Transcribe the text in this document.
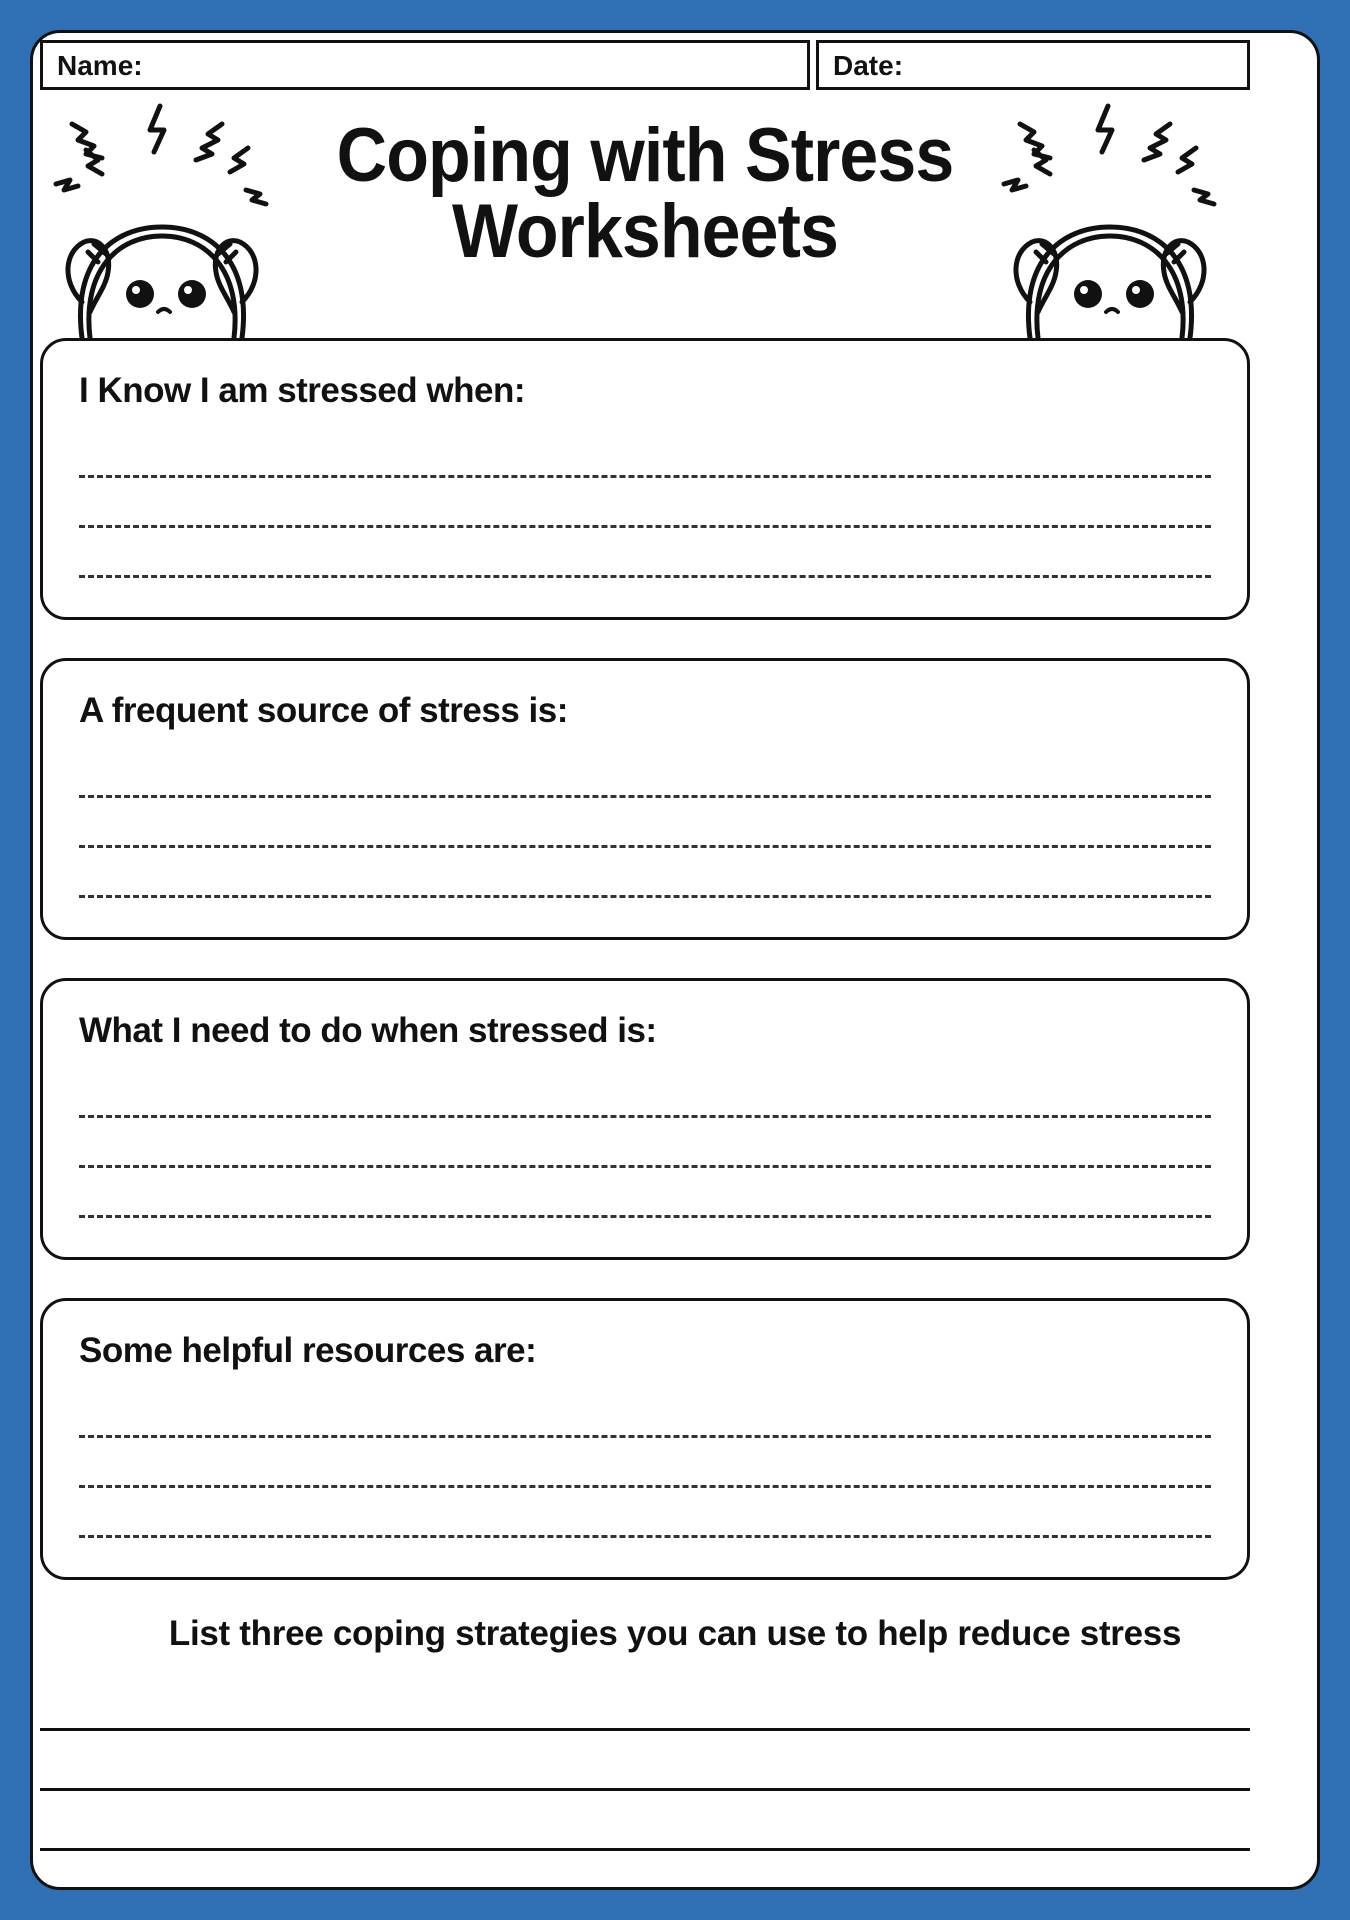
Name:	Date:
Coping with Stress
Worksheets
I Know I am stressed when:
A frequent source of stress is:
What I need to do when stressed is:
Some helpful resources are:
List three coping strategies you can use to help reduce stress
